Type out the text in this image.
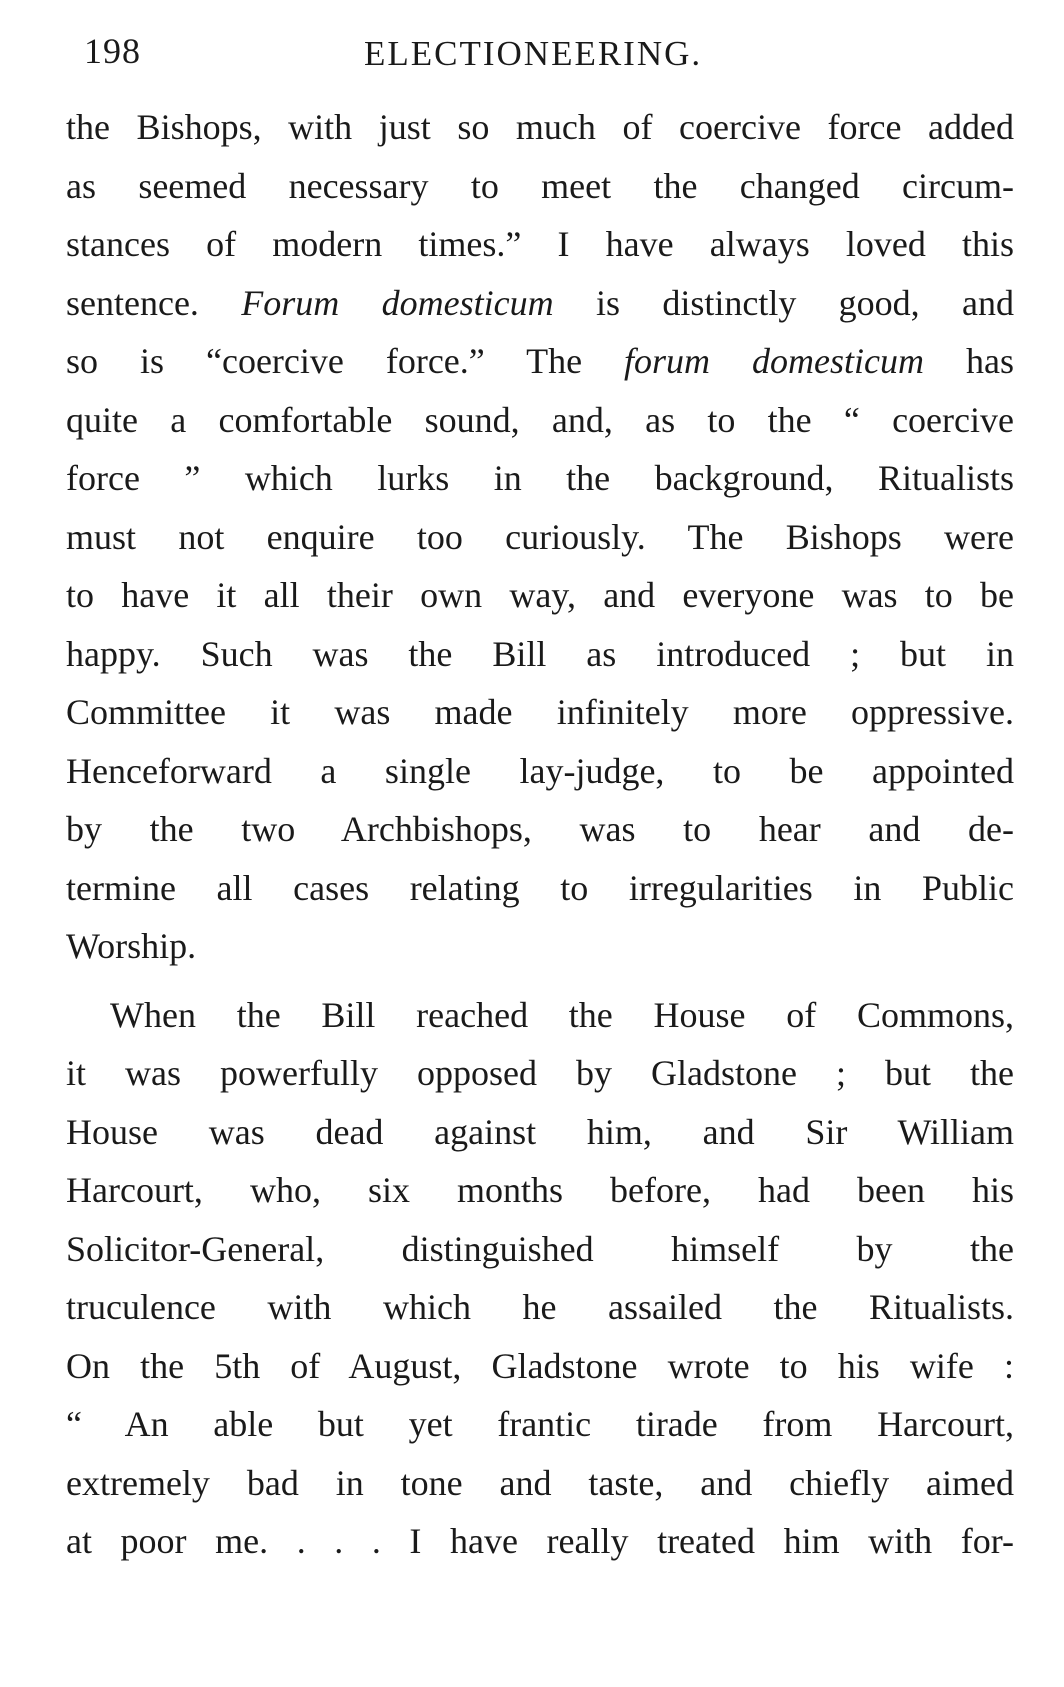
198	ELECTIONEERING.
the Bishops, with just so much of coercive force added
as seemed necessary to meet the changed circum-
stances of modern times.” I have always loved this
sentence. Forum domesticum is distinctly good, and
so is “coercive force.” The forum domesticum has
quite a comfortable sound, and, as to the “ coercive
force ” which lurks in the background, Ritualists
must not enquire too curiously. The Bishops were
to have it all their own way, and everyone was to be
happy. Such was the Bill as introduced ; but in
Committee it was made infinitely more oppressive.
Henceforward a single lay-judge, to be appointed
by the two Archbishops, was to hear and de-
termine all cases relating to irregularities in Public
Worship.
When the Bill reached the House of Commons,
it was powerfully opposed by Gladstone ; but the
House was dead against him, and Sir William
Harcourt, who, six months before, had been his
Solicitor-General, distinguished himself by the
truculence with which he assailed the Ritualists.
On the 5th of August, Gladstone wrote to his wife :
“ An able but yet frantic tirade from Harcourt,
extremely bad in tone and taste, and chiefly aimed
at poor me. . . . I have really treated him with for-
